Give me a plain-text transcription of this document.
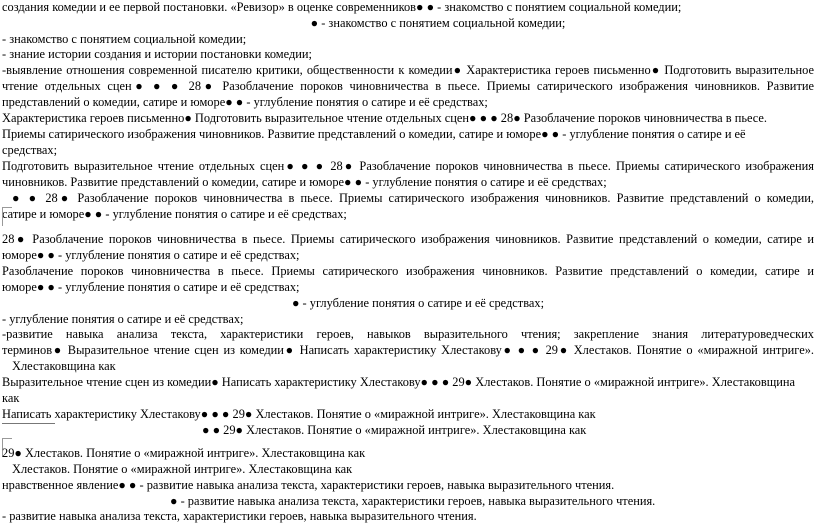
создания комедии и ее первой постановки. «Ревизор» в оценке современников● ● - знакомство с понятием социальной комедии;
● - знакомство с понятием социальной комедии;
- знакомство с понятием социальной комедии;
- знание истории создания и истории постановки комедии;
-выявление отношения современной писателю критики, общественности к комедии● Характеристика героев письменно● Подготовить выразительное
чтение отдельных сцен● ● ● 28● Разоблачение пороков чиновничества в пьесе. Приемы сатирического изображения чиновников. Развитие
представлений о комедии, сатире и юморе● ● - углубление понятия о сатире и её средствах;
Характеристика героев письменно● Подготовить выразительное чтение отдельных сцен● ● ● 28● Разоблачение пороков чиновничества в пьесе.
Приемы сатирического изображения чиновников. Развитие представлений о комедии, сатире и юморе● ● - углубление понятия о сатире и её
средствах;
Подготовить выразительное чтение отдельных сцен● ● ● 28● Разоблачение пороков чиновничества в пьесе. Приемы сатирического изображения
чиновников. Развитие представлений о комедии, сатире и юморе● ● - углубление понятия о сатире и её средствах;
● ● 28● Разоблачение пороков чиновничества в пьесе. Приемы сатирического изображения чиновников. Развитие представлений о комедии,
сатире и юморе● ● - углубление понятия о сатире и её средствах;
28● Разоблачение пороков чиновничества в пьесе. Приемы сатирического изображения чиновников. Развитие представлений о комедии, сатире и
юморе● ● - углубление понятия о сатире и её средствах;
Разоблачение пороков чиновничества в пьесе. Приемы сатирического изображения чиновников. Развитие представлений о комедии, сатире и
юморе● ● - углубление понятия о сатире и её средствах;
● - углубление понятия о сатире и её средствах;
- углубление понятия о сатире и её средствах;
-развитие навыка анализа текста, характеристики героев, навыков выразительного чтения; закрепление знания литературоведческих
терминов● Выразительное чтение сцен из комедии● Написать характеристику Хлестакову● ● ● 29● Хлестаков. Понятие о «миражной интриге».
Хлестаковщина как
Выразительное чтение сцен из комедии● Написать характеристику Хлестакову● ● ● 29● Хлестаков. Понятие о «миражной интриге». Хлестаковщина
как
Написать характеристику Хлестакову● ● ● 29● Хлестаков. Понятие о «миражной интриге». Хлестаковщина как
● ● 29● Хлестаков. Понятие о «миражной интриге». Хлестаковщина как
29● Хлестаков. Понятие о «миражной интриге». Хлестаковщина как
Хлестаков. Понятие о «миражной интриге». Хлестаковщина как
нравственное явление● ● - развитие навыка анализа текста, характеристики героев, навыка выразительного чтения.
● - развитие навыка анализа текста, характеристики героев, навыка выразительного чтения.
- развитие навыка анализа текста, характеристики героев, навыка выразительного чтения.
